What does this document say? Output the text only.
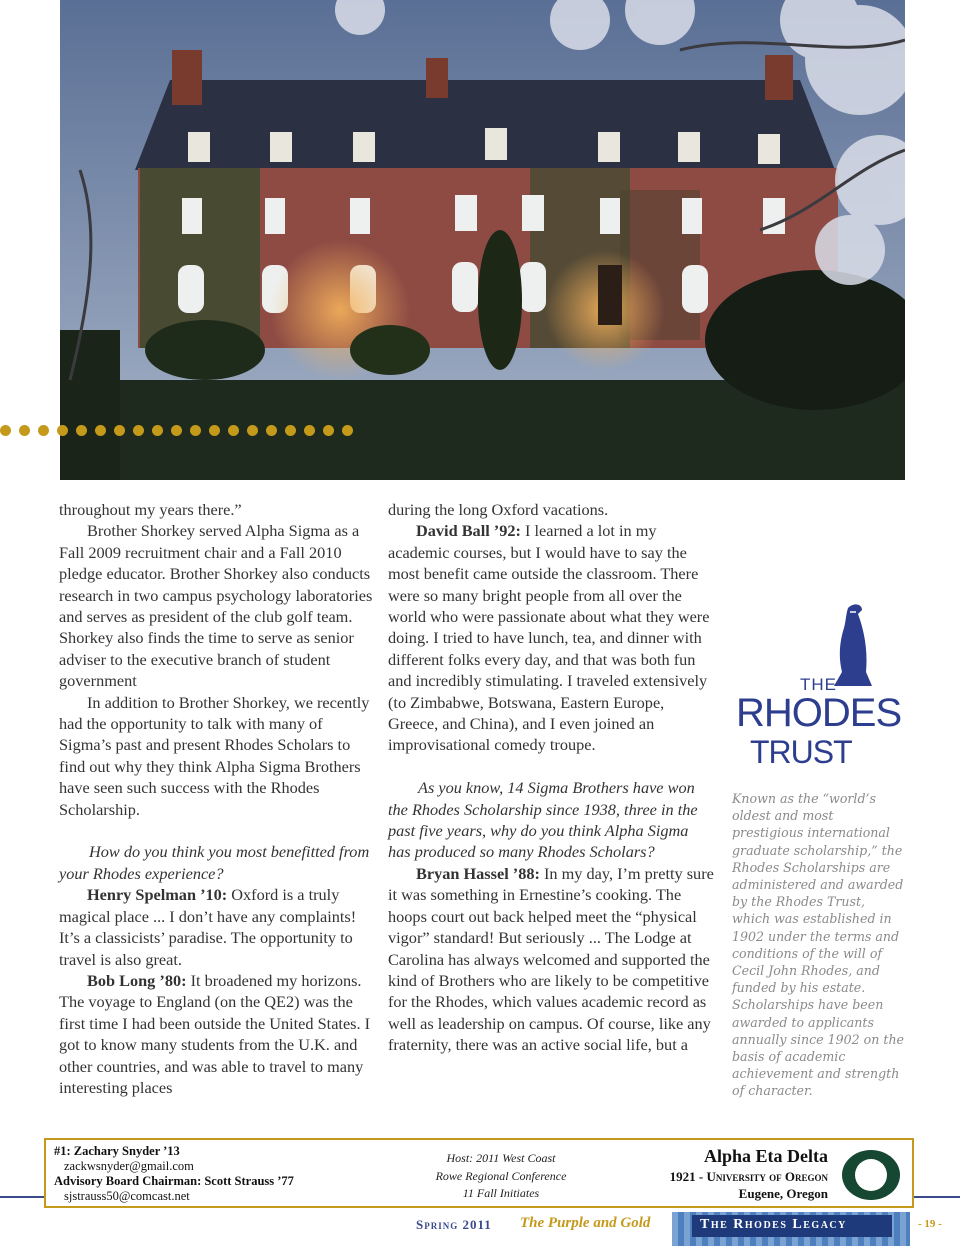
throughout my years there.”

Brother Shorkey served Alpha Sigma as a Fall 2009 recruitment chair and a Fall 2010 pledge educator. Brother Shorkey also conducts research in two campus psychology laboratories and serves as president of the club golf team. Shorkey also finds the time to serve as senior adviser to the executive branch of student government

In addition to Brother Shorkey, we recently had the opportunity to talk with many of Sigma’s past and present Rhodes Scholars to find out why they think Alpha Sigma Brothers have seen such success with the Rhodes Scholarship.

How do you think you most benefitted from your Rhodes experience?

Henry Spelman ’10: Oxford is a truly magical place ... I don’t have any complaints! It’s a classicists’ paradise. The opportunity to travel is also great.

Bob Long ’80: It broadened my horizons. The voyage to England (on the QE2) was the first time I had been outside the United States. I got to know many students from the U.K. and other countries, and was able to travel to many interesting places

during the long Oxford vacations.

David Ball ’92: I learned a lot in my academic courses, but I would have to say the most benefit came outside the classroom. There were so many bright people from all over the world who were passionate about what they were doing. I tried to have lunch, tea, and dinner with different folks every day, and that was both fun and incredibly stimulating. I traveled extensively (to Zimbabwe, Botswana, Eastern Europe, Greece, and China), and I even joined an improvisational comedy troupe.

As you know, 14 Sigma Brothers have won the Rhodes Scholarship since 1938, three in the past five years, why do you think Alpha Sigma has produced so many Rhodes Scholars?

Bryan Hassel ’88: In my day, I’m pretty sure it was something in Ernestine’s cooking. The hoops court out back helped meet the “physical vigor” standard! But seriously ... The Lodge at Carolina has always welcomed and supported the kind of Brothers who are likely to be competitive for the Rhodes, which values academic record as well as leadership on campus. Of course, like any fraternity, there was an active social life, but a

THE
RHODES
TRUST
Known as the “world’s oldest and most prestigious international graduate scholarship,” the Rhodes Scholarships are administered and awarded by the Rhodes Trust, which was established in 1902 under the terms and conditions of the will of Cecil John Rhodes, and funded by his estate. Scholarships have been awarded to applicants annually since 1902 on the basis of academic achievement and strength of character.
#1: Zachary Snyder ’13
zackwsnyder@gmail.com
Advisory Board Chairman: Scott Strauss ’77
sjstrauss50@comcast.net
Host: 2011 West Coast
Rowe Regional Conference
11 Fall Initiates
Alpha Eta Delta
1921 - University of Oregon
Eugene, Oregon
Spring 2011 The Purple and Gold	The Rhodes Legacy	- 19 -
